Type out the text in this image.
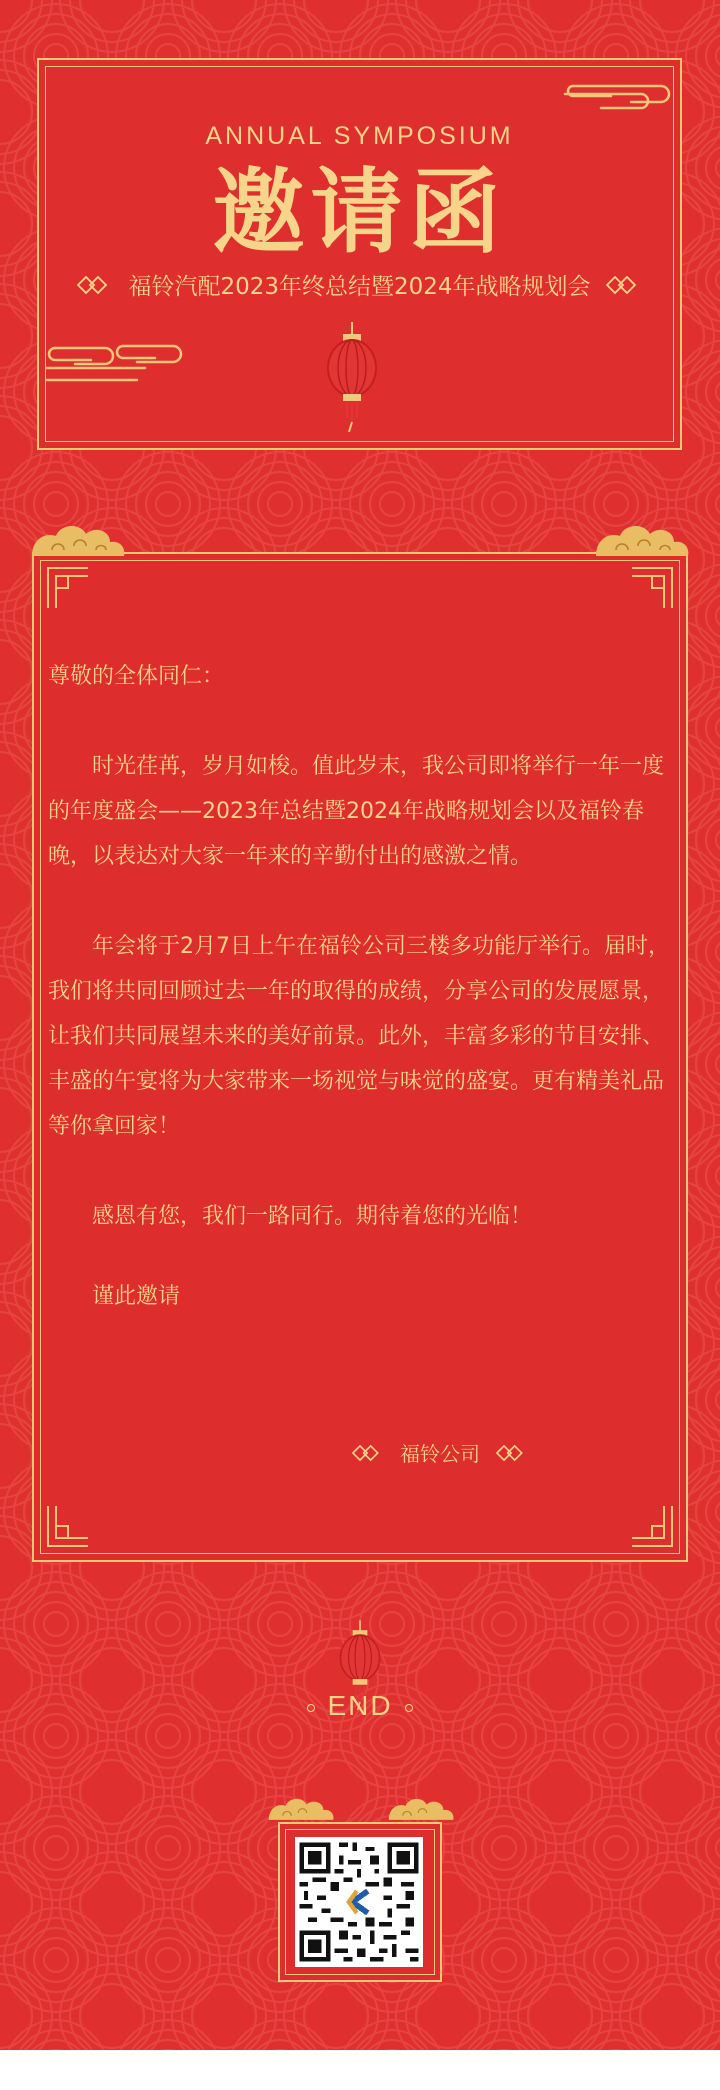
ANNUAL SYMPOSIUM
邀请函
福铃汽配2023年终总结暨2024年战略规划会

尊敬的全体同仁：

时光荏苒，岁月如梭。值此岁末，我公司即将举行一年一度的年度盛会——2023年总结暨2024年战略规划会以及福铃春晚，以表达对大家一年来的辛勤付出的感激之情。

年会将于2月7日上午在福铃公司三楼多功能厅举行。届时，我们将共同回顾过去一年的取得的成绩，分享公司的发展愿景，让我们共同展望未来的美好前景。此外，丰富多彩的节目安排、丰盛的午宴将为大家带来一场视觉与味觉的盛宴。更有精美礼品等你拿回家！

感恩有您，我们一路同行。期待着您的光临！

谨此邀请

福铃公司
END
